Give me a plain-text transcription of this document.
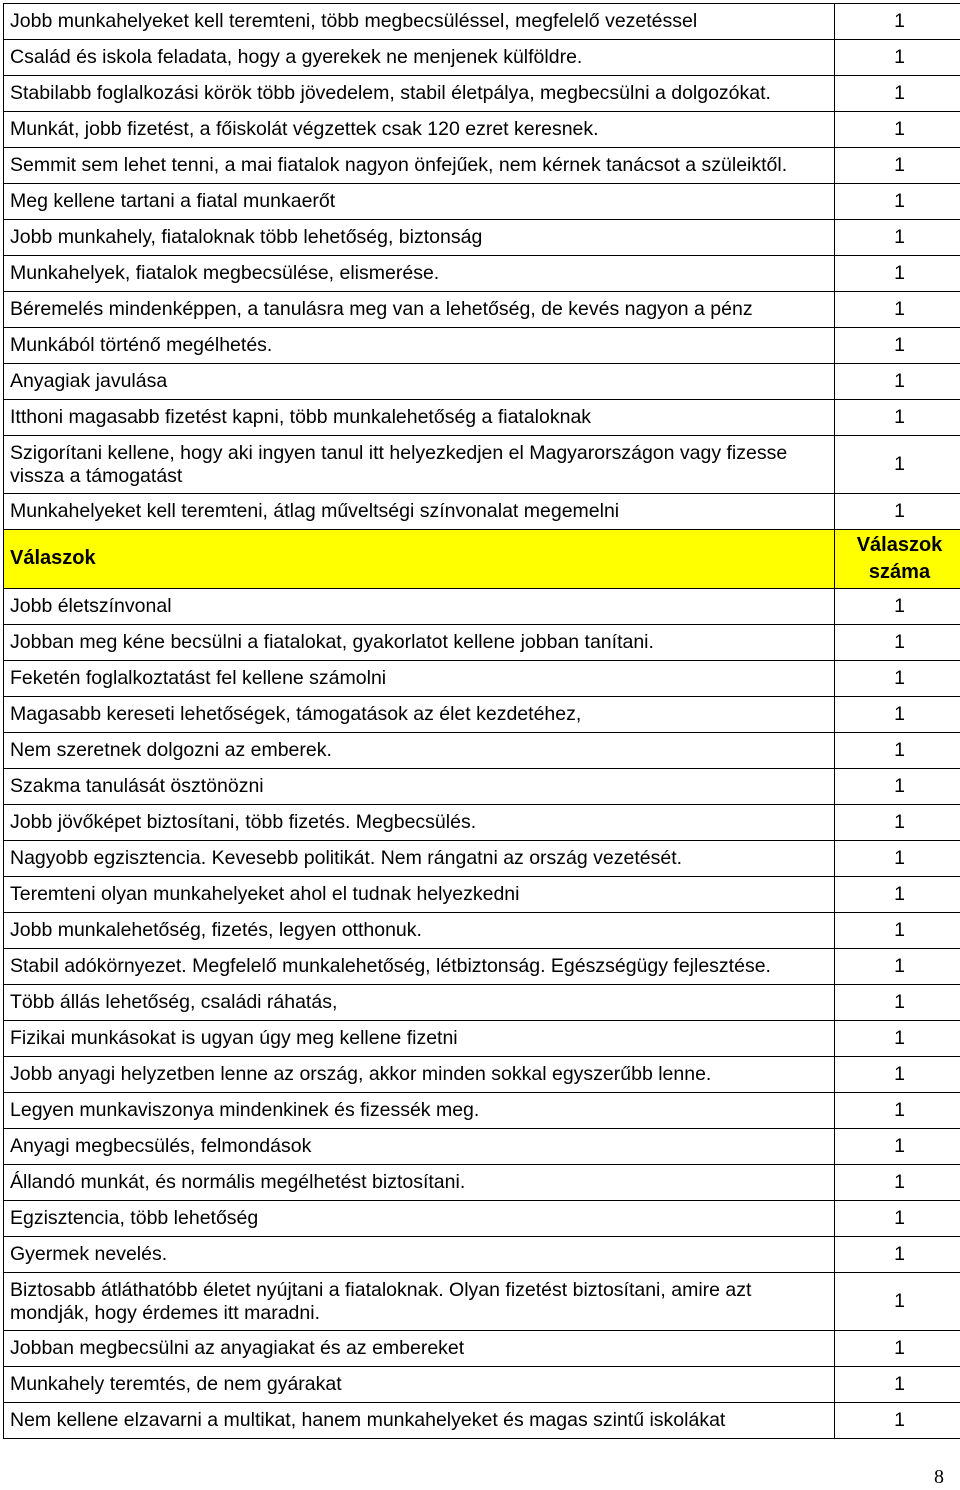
Jobb munkahelyeket kell teremteni, több megbecsüléssel, megfelelő vezetéssel	1
Család és iskola feladata, hogy a gyerekek ne menjenek külföldre.	1
Stabilabb foglalkozási körök több jövedelem, stabil életpálya, megbecsülni a dolgozókat.	1
Munkát, jobb fizetést, a főiskolát végzettek csak 120 ezret keresnek.	1
Semmit sem lehet tenni, a mai fiatalok nagyon önfejűek, nem kérnek tanácsot a szüleiktől.	1
Meg kellene tartani a fiatal munkaerőt	1
Jobb munkahely, fiataloknak több lehetőség, biztonság	1
Munkahelyek, fiatalok megbecsülése, elismerése.	1
Béremelés mindenképpen, a tanulásra meg van a lehetőség, de kevés nagyon a pénz	1
Munkából történő megélhetés.	1
Anyagiak javulása	1
Itthoni magasabb fizetést kapni, több munkalehetőség a fiataloknak	1
Szigorítani kellene, hogy aki ingyen tanul itt helyezkedjen el Magyarországon vagy fizesse vissza a támogatást	1
Munkahelyeket kell teremteni, átlag műveltségi színvonalat megemelni	1
Válaszok	Válaszok száma
Jobb életszínvonal	1
Jobban meg kéne becsülni a fiatalokat, gyakorlatot kellene jobban tanítani.	1
Feketén foglalkoztatást fel kellene számolni	1
Magasabb kereseti lehetőségek, támogatások az élet kezdetéhez,	1
Nem szeretnek dolgozni az emberek.	1
Szakma tanulását ösztönözni	1
Jobb jövőképet biztosítani, több fizetés. Megbecsülés.	1
Nagyobb egzisztencia. Kevesebb politikát. Nem rángatni az ország vezetését.	1
Teremteni olyan munkahelyeket ahol el tudnak helyezkedni	1
Jobb munkalehetőség, fizetés, legyen otthonuk.	1
Stabil adókörnyezet. Megfelelő munkalehetőség, létbiztonság. Egészségügy fejlesztése.	1
Több állás lehetőség, családi ráhatás,	1
Fizikai munkásokat is ugyan úgy meg kellene fizetni	1
Jobb anyagi helyzetben lenne az ország, akkor minden sokkal egyszerűbb lenne.	1
Legyen munkaviszonya mindenkinek és fizessék meg.	1
Anyagi megbecsülés, felmondások	1
Állandó munkát, és normális megélhetést biztosítani.	1
Egzisztencia, több lehetőség	1
Gyermek nevelés.	1
Biztosabb átláthatóbb életet nyújtani a fiataloknak. Olyan fizetést biztosítani, amire azt mondják, hogy érdemes itt maradni.	1
Jobban megbecsülni az anyagiakat és az embereket	1
Munkahely teremtés, de nem gyárakat	1
Nem kellene elzavarni a multikat, hanem munkahelyeket és magas szintű iskolákat	1
8
